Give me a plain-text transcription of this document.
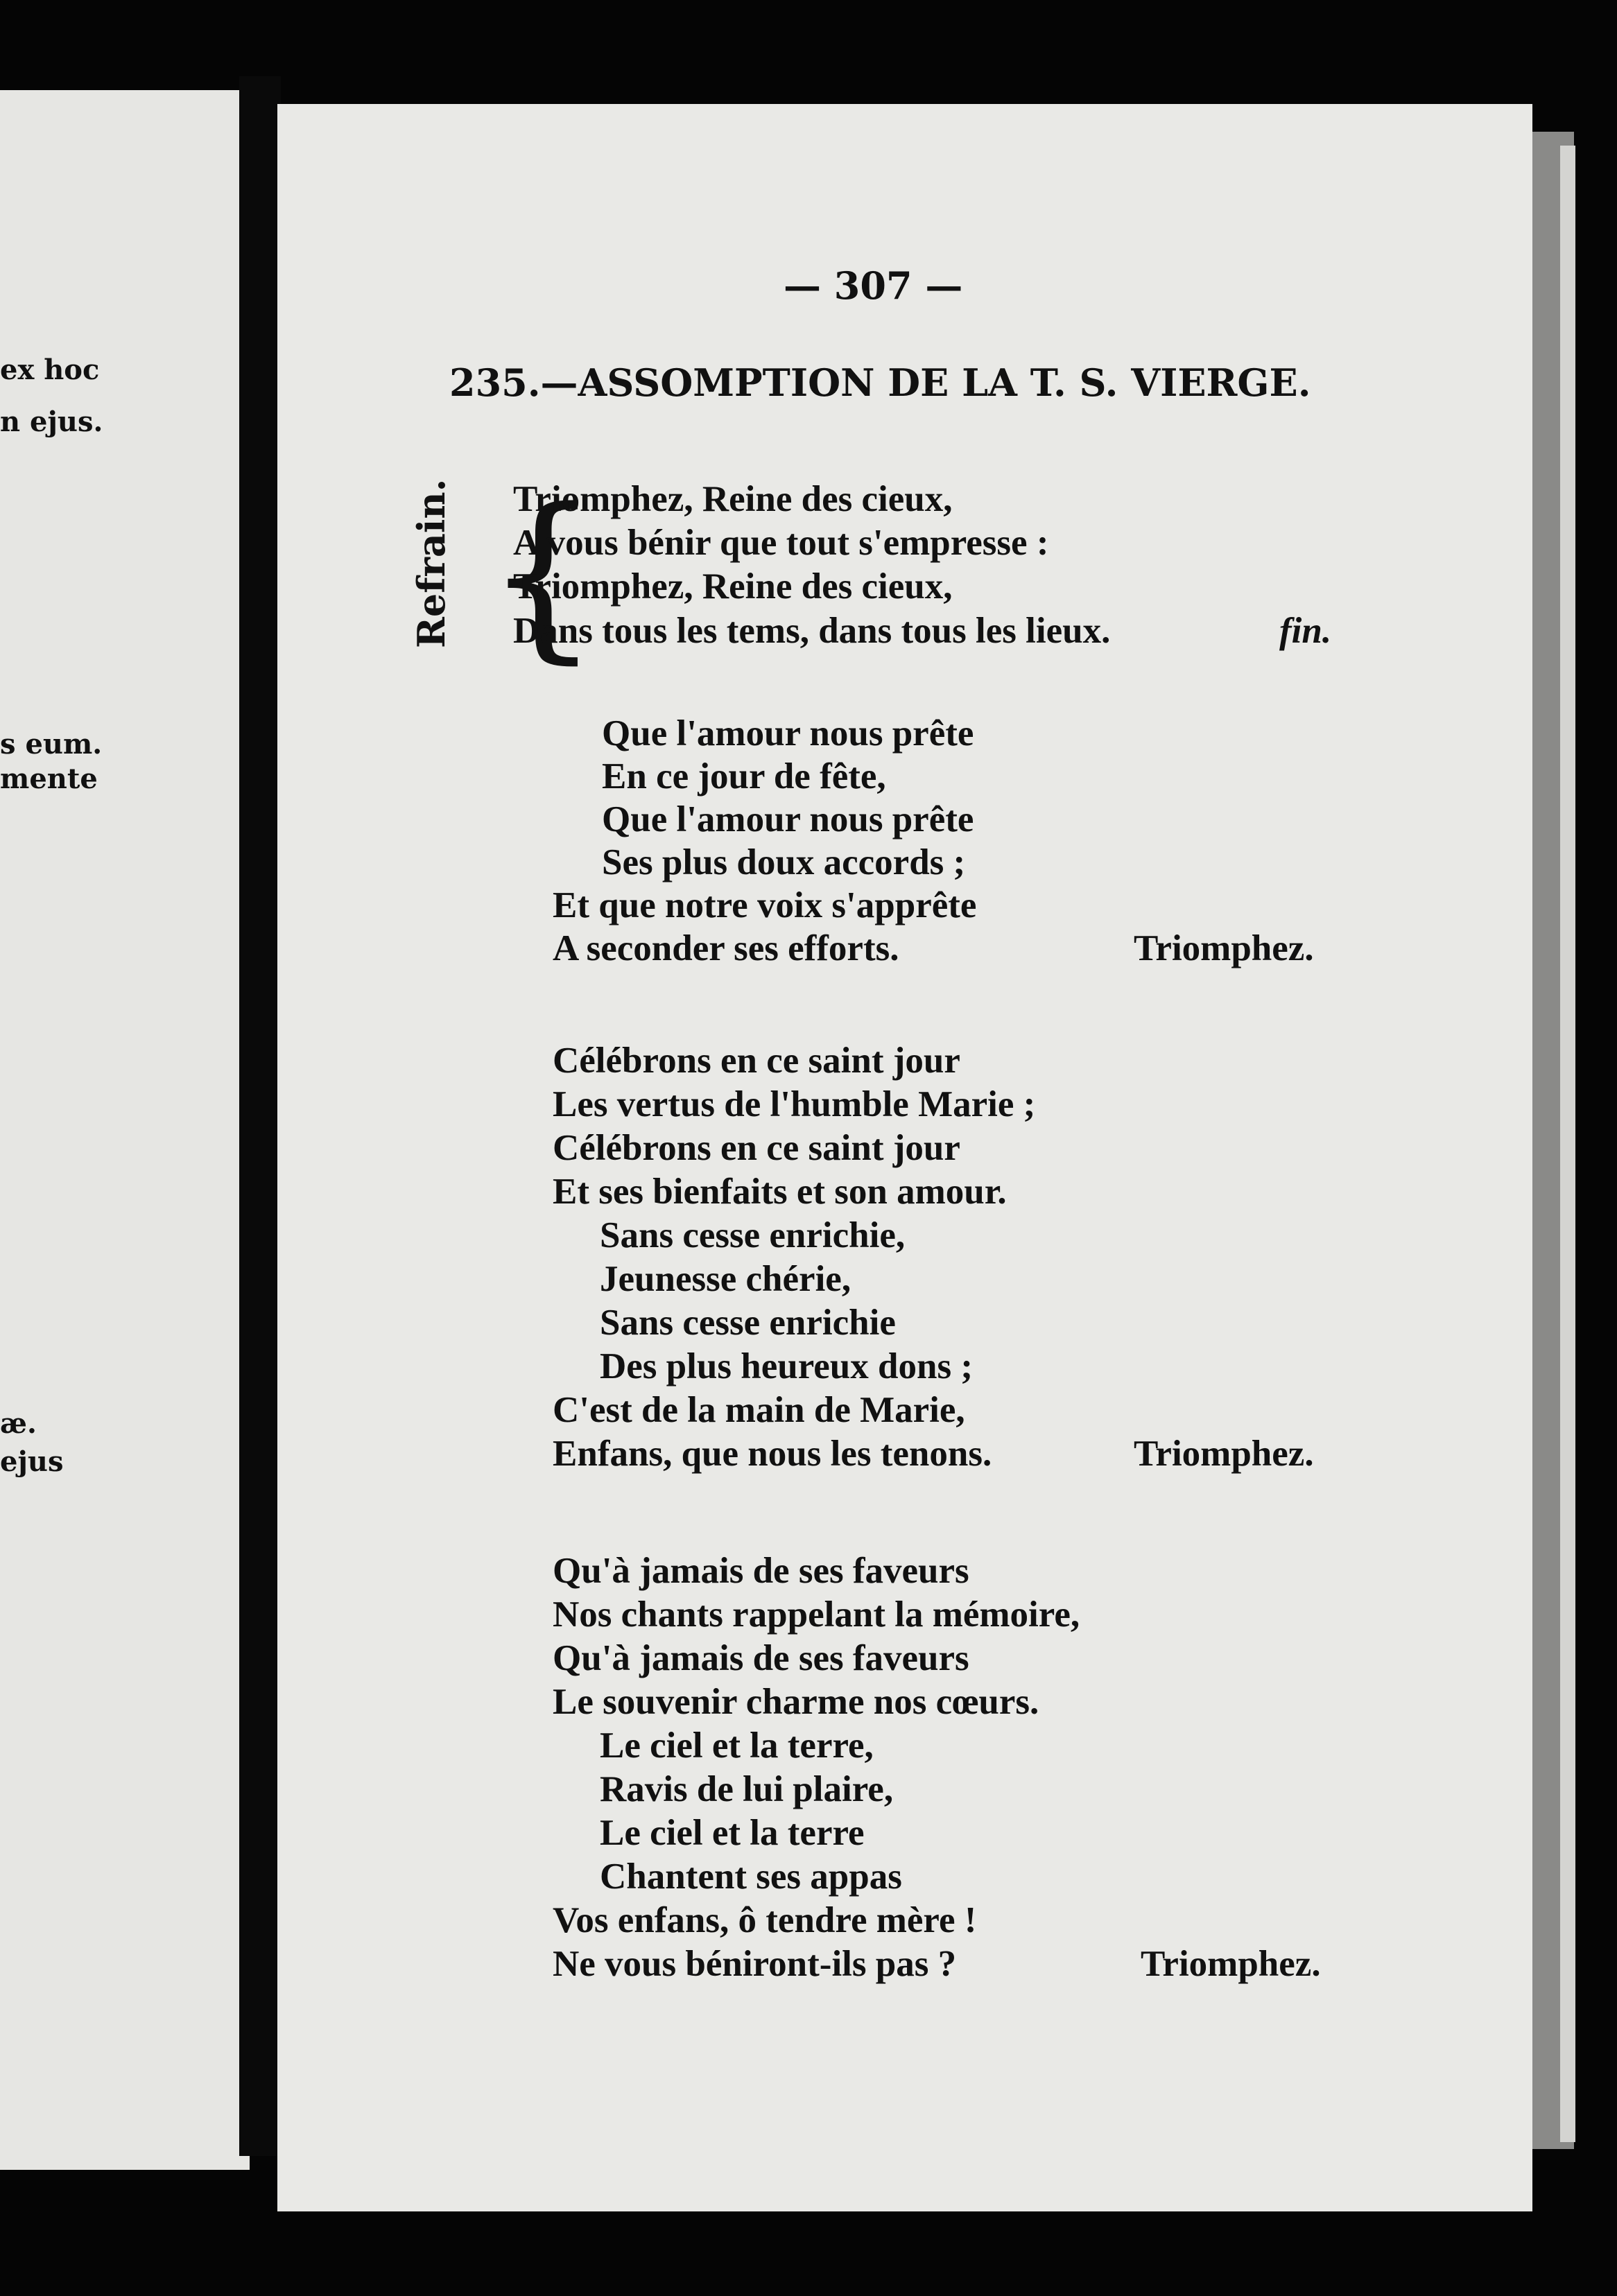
ex hoc
n ejus.
s eum.
mente
æ.
ejus
— 307 —
235.—ASSOMPTION DE LA T. S. VIERGE.
Refrain. {
Triomphez, Reine des cieux,
A vous bénir que tout s'empresse :
Triomphez, Reine des cieux,
Dans tous les tems, dans tous les lieux.	fin.
Que l'amour nous prête
En ce jour de fête,
Que l'amour nous prête
Ses plus doux accords ;
Et que notre voix s'apprête
A seconder ses efforts.	Triomphez.
Célébrons en ce saint jour
Les vertus de l'humble Marie ;
Célébrons en ce saint jour
Et ses bienfaits et son amour.
Sans cesse enrichie,
Jeunesse chérie,
Sans cesse enrichie
Des plus heureux dons ;
C'est de la main de Marie,
Enfans, que nous les tenons.	Triomphez.
Qu'à jamais de ses faveurs
Nos chants rappelant la mémoire,
Qu'à jamais de ses faveurs
Le souvenir charme nos cœurs.
Le ciel et la terre,
Ravis de lui plaire,
Le ciel et la terre
Chantent ses appas
Vos enfans, ô tendre mère !
Ne vous béniront-ils pas ?	Triomphez.
